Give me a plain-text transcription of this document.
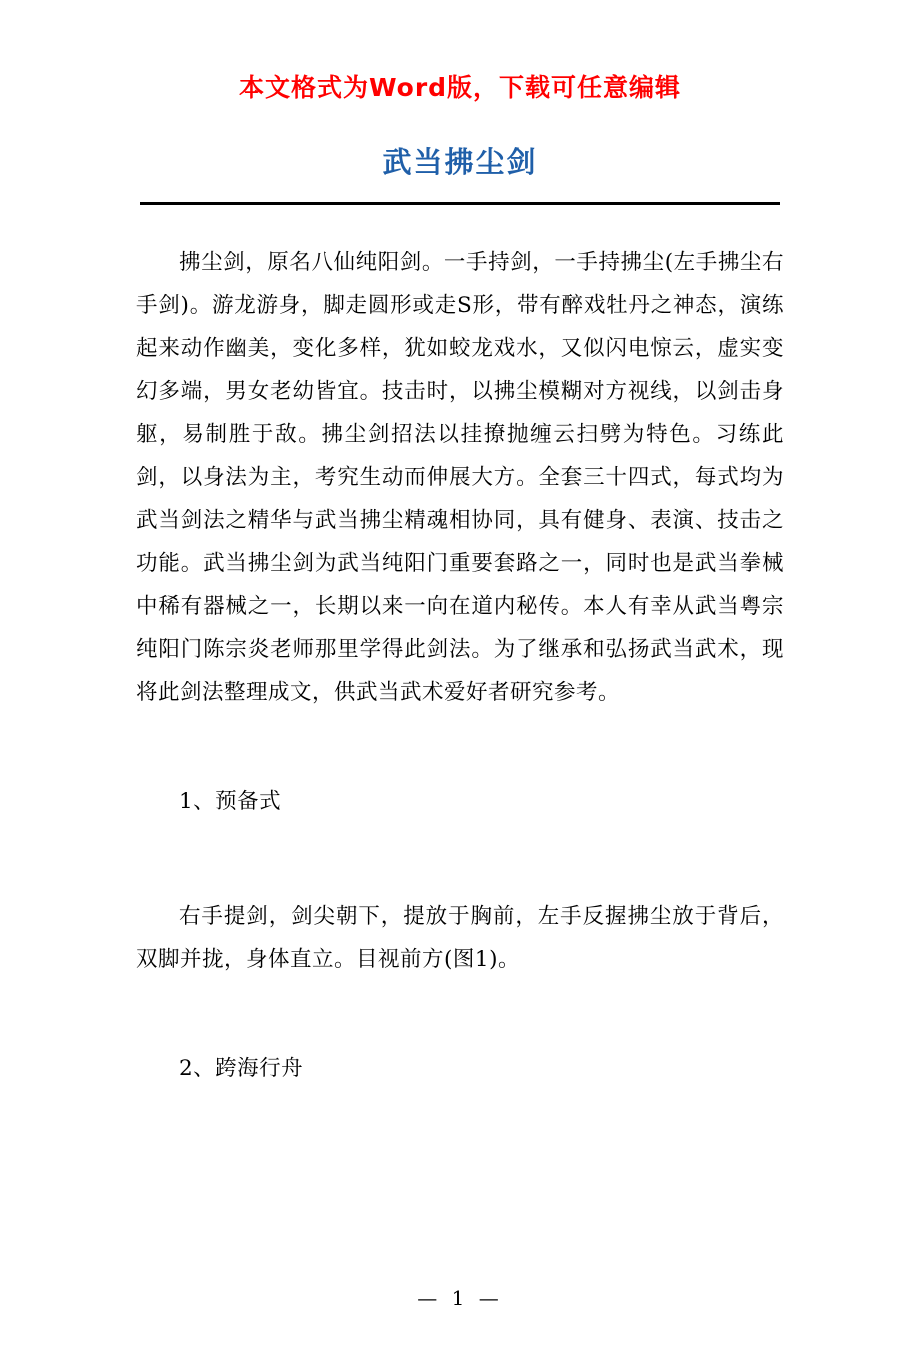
本文格式为Word版，下载可任意编辑
武当拂尘剑

拂尘剑，原名八仙纯阳剑。一手持剑，一手持拂尘(左手拂尘右手剑)。游龙游身，脚走圆形或走S形，带有醉戏牡丹之神态，演练起来动作幽美，变化多样，犹如蛟龙戏水，又似闪电惊云，虚实变幻多端，男女老幼皆宜。技击时，以拂尘模糊对方视线，以剑击身躯，易制胜于敌。拂尘剑招法以挂撩抛缠云扫劈为特色。习练此剑，以身法为主，考究生动而伸展大方。全套三十四式，每式均为武当剑法之精华与武当拂尘精魂相协同，具有健身、表演、技击之功能。武当拂尘剑为武当纯阳门重要套路之一，同时也是武当拳械中稀有器械之一，长期以来一向在道内秘传。本人有幸从武当粤宗纯阳门陈宗炎老师那里学得此剑法。为了继承和弘扬武当武术，现将此剑法整理成文，供武当武术爱好者研究参考。

1、预备式

右手提剑，剑尖朝下，提放于胸前，左手反握拂尘放于背后，双脚并拢，身体直立。目视前方(图1)。

2、跨海行舟

— 1 —
